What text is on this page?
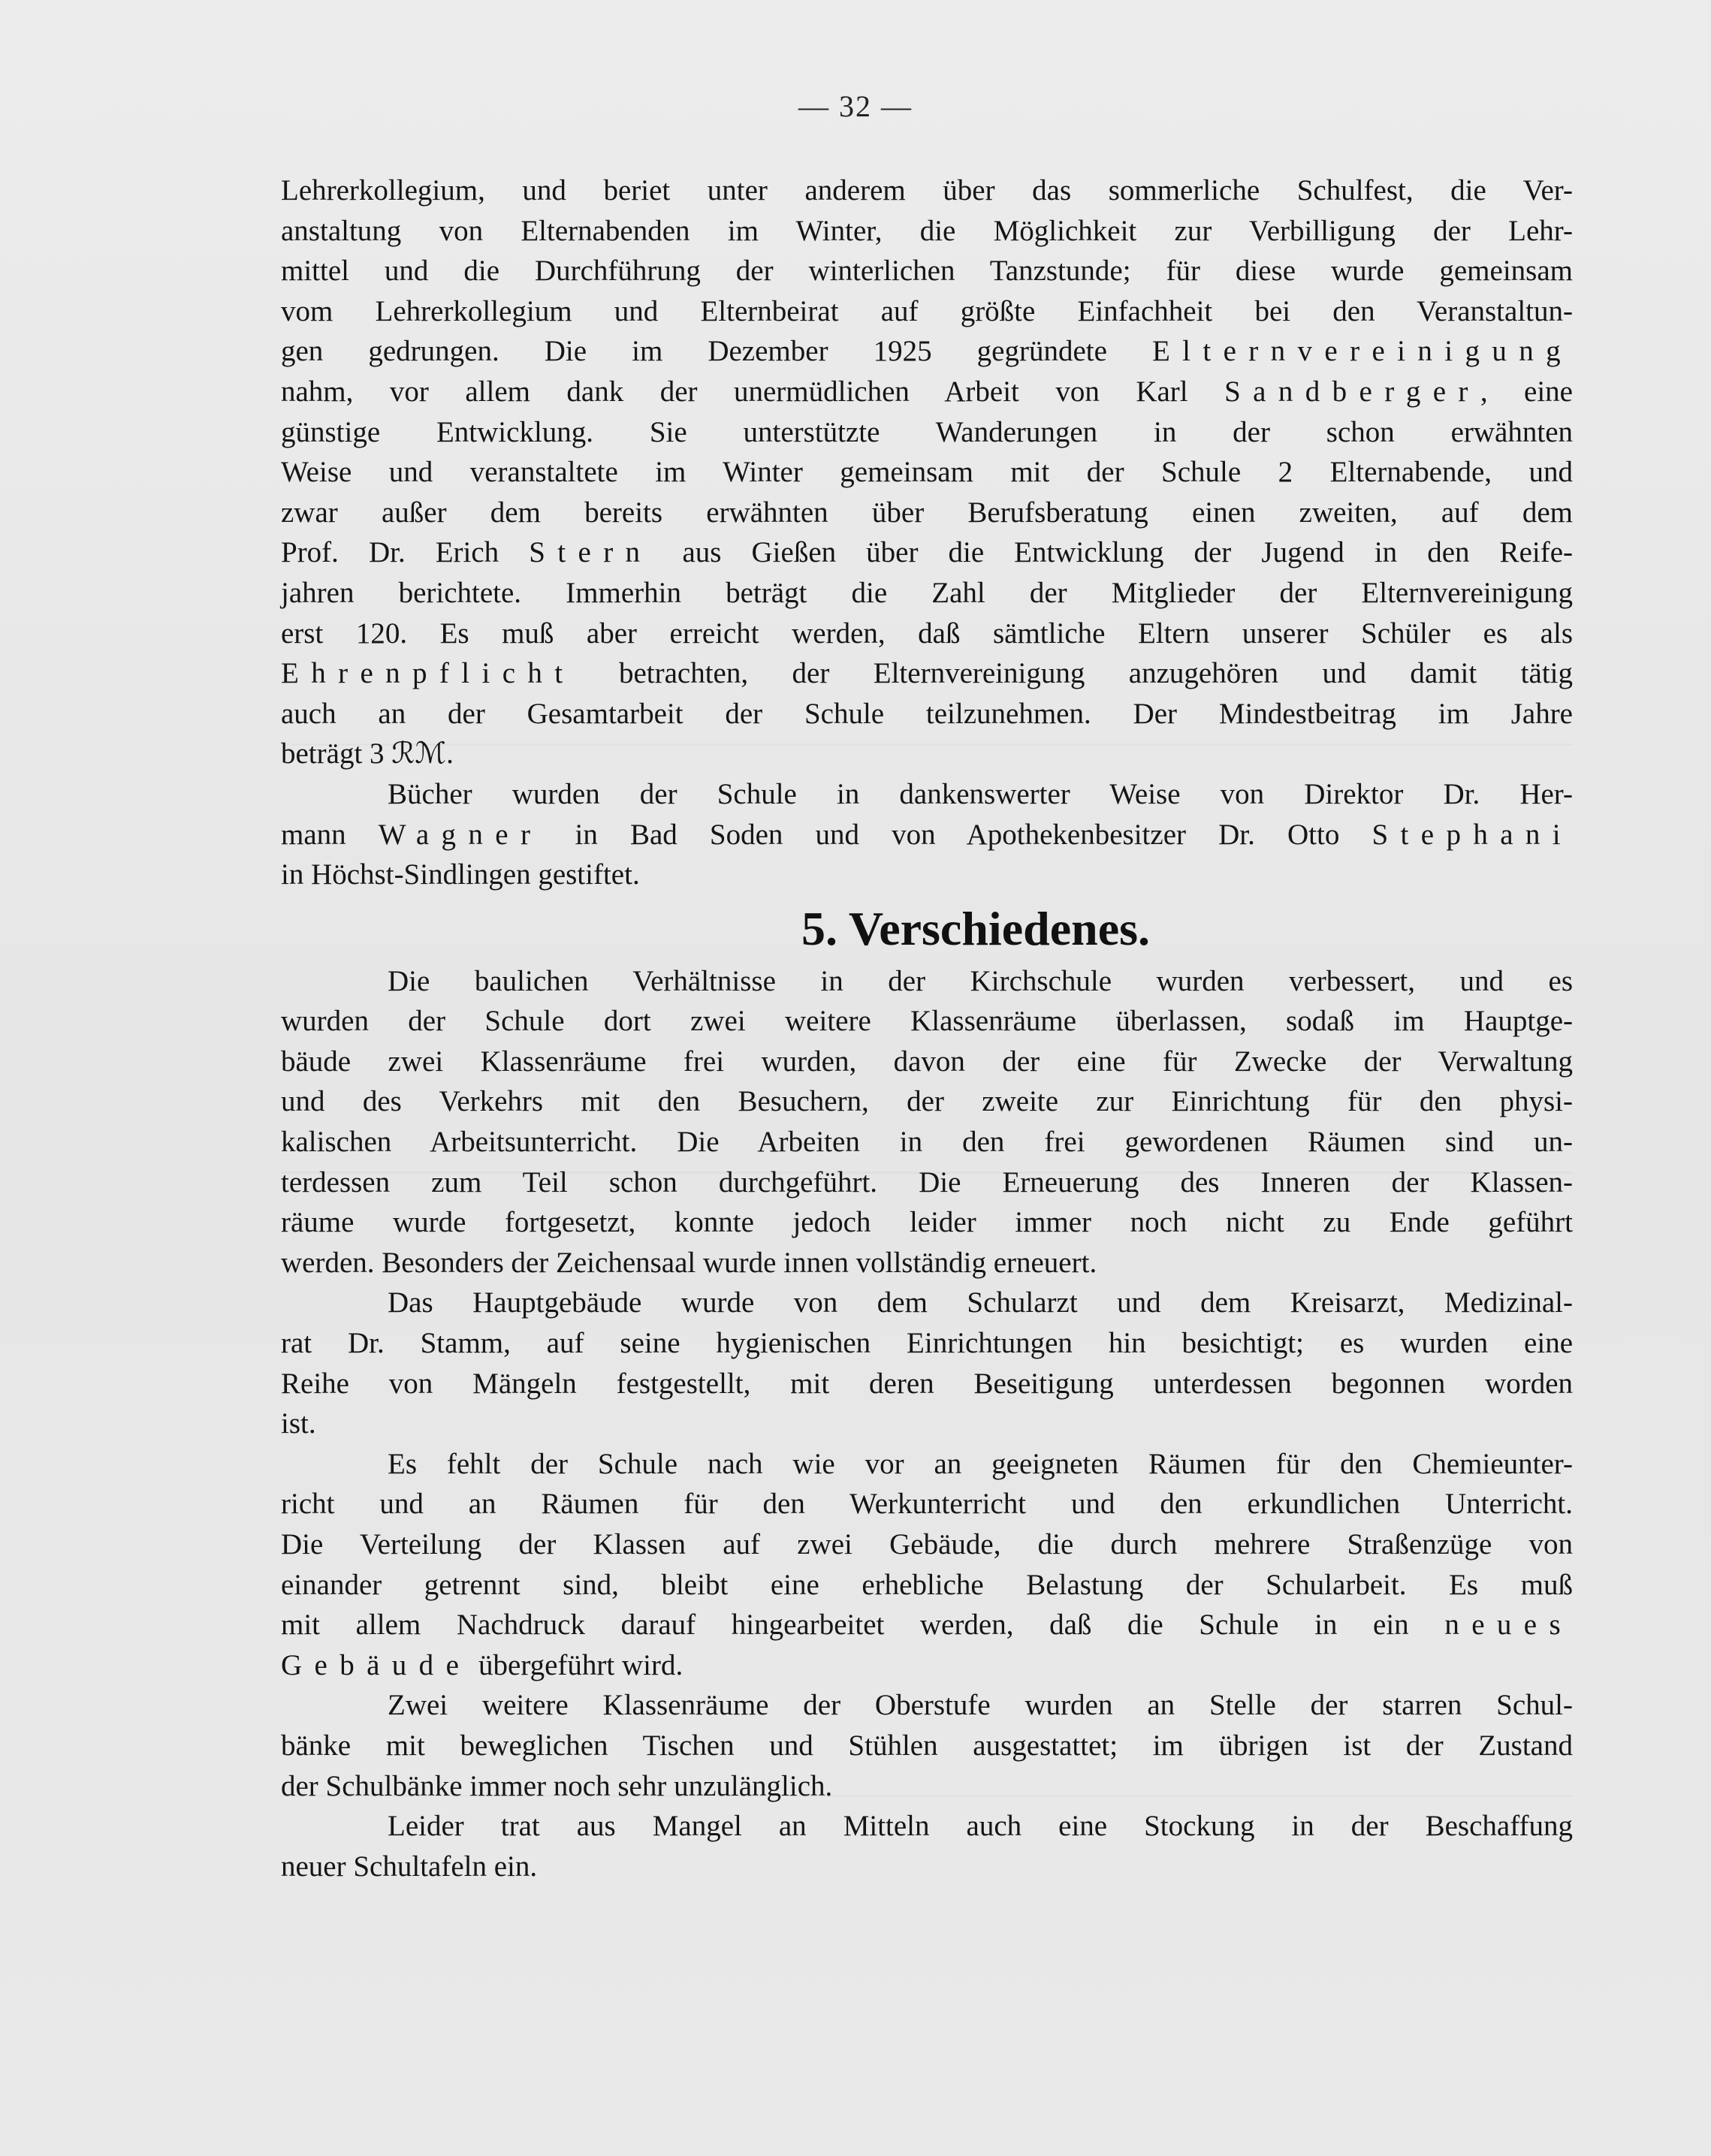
— 32 —
Lehrerkollegium, und beriet unter anderem über das sommerliche Schulfest, die Ver-
anstaltung von Elternabenden im Winter, die Möglichkeit zur Verbilligung der Lehr-
mittel und die Durchführung der winterlichen Tanzstunde; für diese wurde gemeinsam
vom Lehrerkollegium und Elternbeirat auf größte Einfachheit bei den Veranstaltun-
gen gedrungen. Die im Dezember 1925 gegründete Elternvereinigung
nahm, vor allem dank der unermüdlichen Arbeit von Karl Sandberger, eine
günstige Entwicklung. Sie unterstützte Wanderungen in der schon erwähnten
Weise und veranstaltete im Winter gemeinsam mit der Schule 2 Elternabende, und
zwar außer dem bereits erwähnten über Berufsberatung einen zweiten, auf dem
Prof. Dr. Erich Stern aus Gießen über die Entwicklung der Jugend in den Reife-
jahren berichtete. Immerhin beträgt die Zahl der Mitglieder der Elternvereinigung
erst 120. Es muß aber erreicht werden, daß sämtliche Eltern unserer Schüler es als
Ehrenpflicht betrachten, der Elternvereinigung anzugehören und damit tätig
auch an der Gesamtarbeit der Schule teilzunehmen. Der Mindestbeitrag im Jahre
beträgt 3 ℛℳ.
Bücher wurden der Schule in dankenswerter Weise von Direktor Dr. Her-
mann Wagner in Bad Soden und von Apothekenbesitzer Dr. Otto Stephani
in Höchst-Sindlingen gestiftet.
5. Verschiedenes.
Die baulichen Verhältnisse in der Kirchschule wurden verbessert, und es
wurden der Schule dort zwei weitere Klassenräume überlassen, sodaß im Hauptge-
bäude zwei Klassenräume frei wurden, davon der eine für Zwecke der Verwaltung
und des Verkehrs mit den Besuchern, der zweite zur Einrichtung für den physi-
kalischen Arbeitsunterricht. Die Arbeiten in den frei gewordenen Räumen sind un-
terdessen zum Teil schon durchgeführt. Die Erneuerung des Inneren der Klassen-
räume wurde fortgesetzt, konnte jedoch leider immer noch nicht zu Ende geführt
werden. Besonders der Zeichensaal wurde innen vollständig erneuert.
Das Hauptgebäude wurde von dem Schularzt und dem Kreisarzt, Medizinal-
rat Dr. Stamm, auf seine hygienischen Einrichtungen hin besichtigt; es wurden eine
Reihe von Mängeln festgestellt, mit deren Beseitigung unterdessen begonnen worden
ist.
Es fehlt der Schule nach wie vor an geeigneten Räumen für den Chemieunter-
richt und an Räumen für den Werkunterricht und den erkundlichen Unterricht.
Die Verteilung der Klassen auf zwei Gebäude, die durch mehrere Straßenzüge von
einander getrennt sind, bleibt eine erhebliche Belastung der Schularbeit. Es muß
mit allem Nachdruck darauf hingearbeitet werden, daß die Schule in ein neues
Gebäude übergeführt wird.
Zwei weitere Klassenräume der Oberstufe wurden an Stelle der starren Schul-
bänke mit beweglichen Tischen und Stühlen ausgestattet; im übrigen ist der Zustand
der Schulbänke immer noch sehr unzulänglich.
Leider trat aus Mangel an Mitteln auch eine Stockung in der Beschaffung
neuer Schultafeln ein.
